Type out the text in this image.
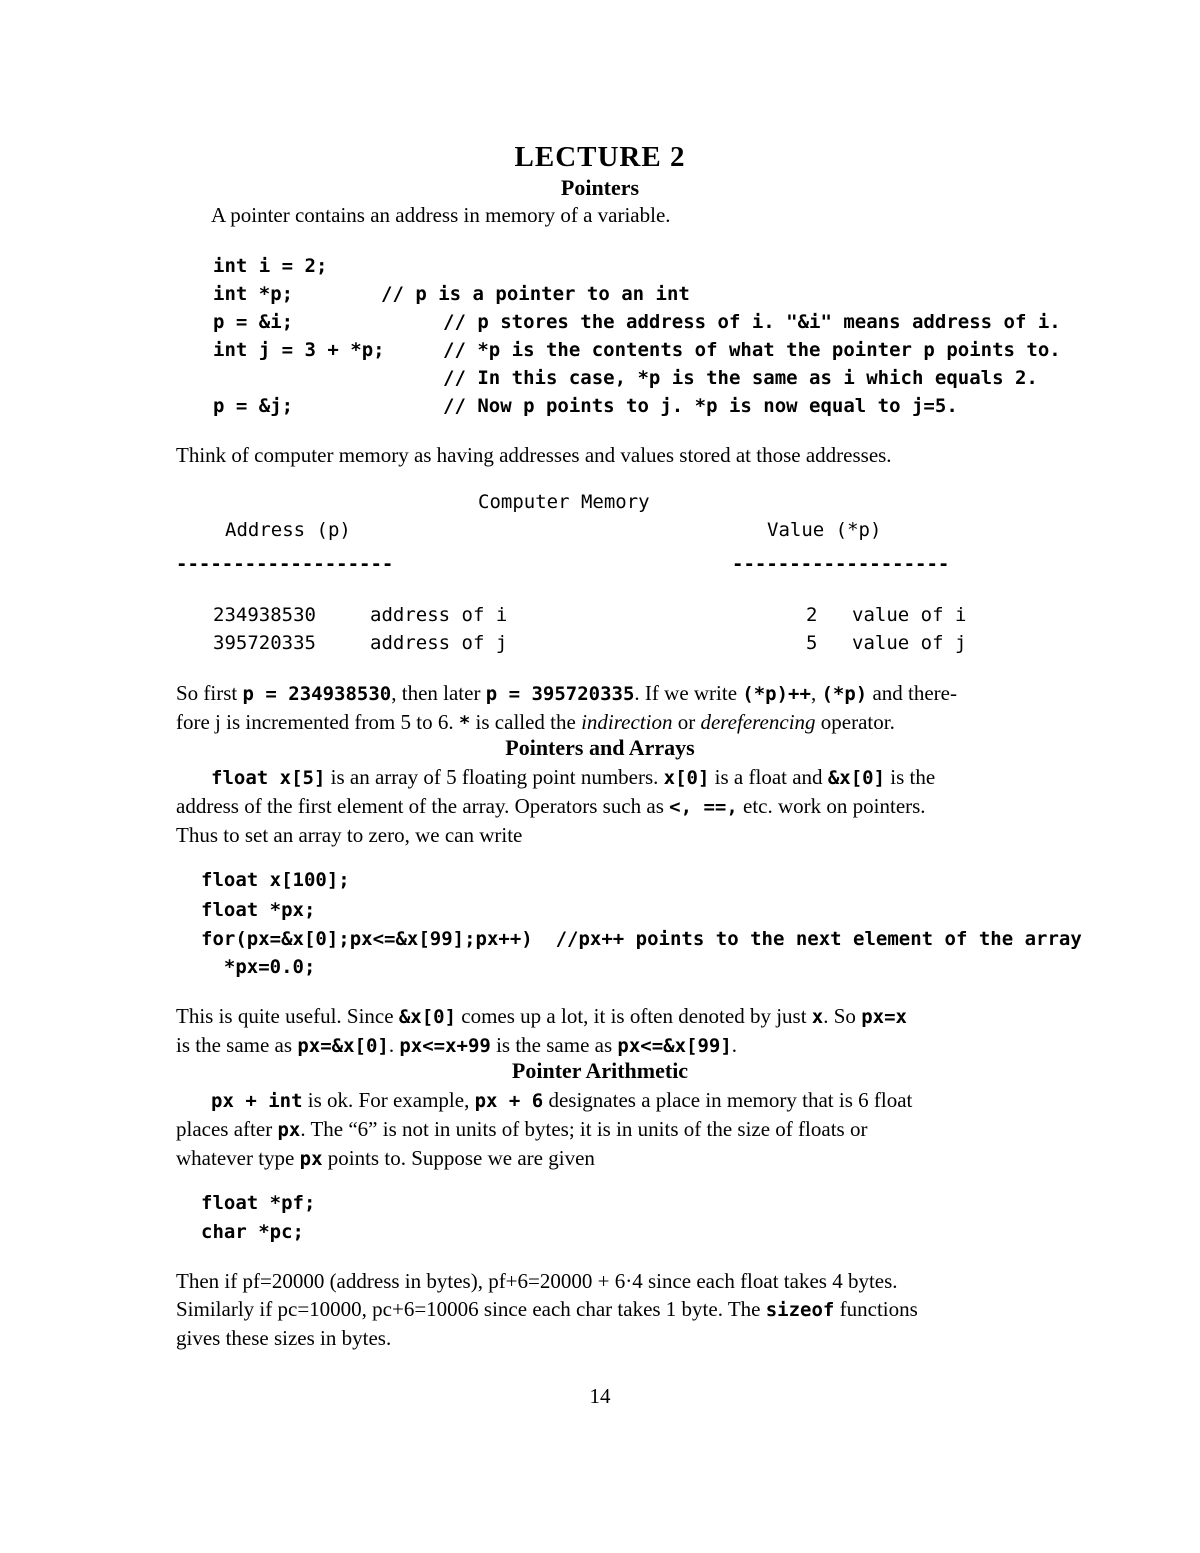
LECTURE 2
Pointers
A pointer contains an address in memory of a variable.
int i = 2;
int *p;	// p is a pointer to an int
p = &i;	// p stores the address of i. "&i" means address of i.
int j = 3 + *p;	// *p is the contents of what the pointer p points to.
// In this case, *p is the same as i which equals 2.
p = &j;	// Now p points to j. *p is now equal to j=5.
Think of computer memory as having addresses and values stored at those addresses.
Computer Memory
Address (p)	Value (*p)
-------------------	-------------------
234938530	address of i	2 value of i
395720335	address of j	5 value of j
So first p = 234938530, then later p = 395720335. If we write (*p)++, (*p) and there-
fore j is incremented from 5 to 6. * is called the indirection or dereferencing operator.
Pointers and Arrays
float x[5] is an array of 5 floating point numbers. x[0] is a float and &x[0] is the
address of the first element of the array. Operators such as <, ==, etc. work on pointers.
Thus to set an array to zero, we can write
float x[100];
float *px;
for(px=&x[0];px<=&x[99];px++)  //px++ points to the next element of the array
*px=0.0;
This is quite useful. Since &x[0] comes up a lot, it is often denoted by just x. So px=x
is the same as px=&x[0]. px<=x+99 is the same as px<=&x[99].
Pointer Arithmetic
px + int is ok. For example, px + 6 designates a place in memory that is 6 float
places after px. The “6” is not in units of bytes; it is in units of the size of floats or
whatever type px points to. Suppose we are given
float *pf;
char *pc;
Then if pf=20000 (address in bytes), pf+6=20000 + 6·4 since each float takes 4 bytes.
Similarly if pc=10000, pc+6=10006 since each char takes 1 byte. The sizeof functions
gives these sizes in bytes.
14
